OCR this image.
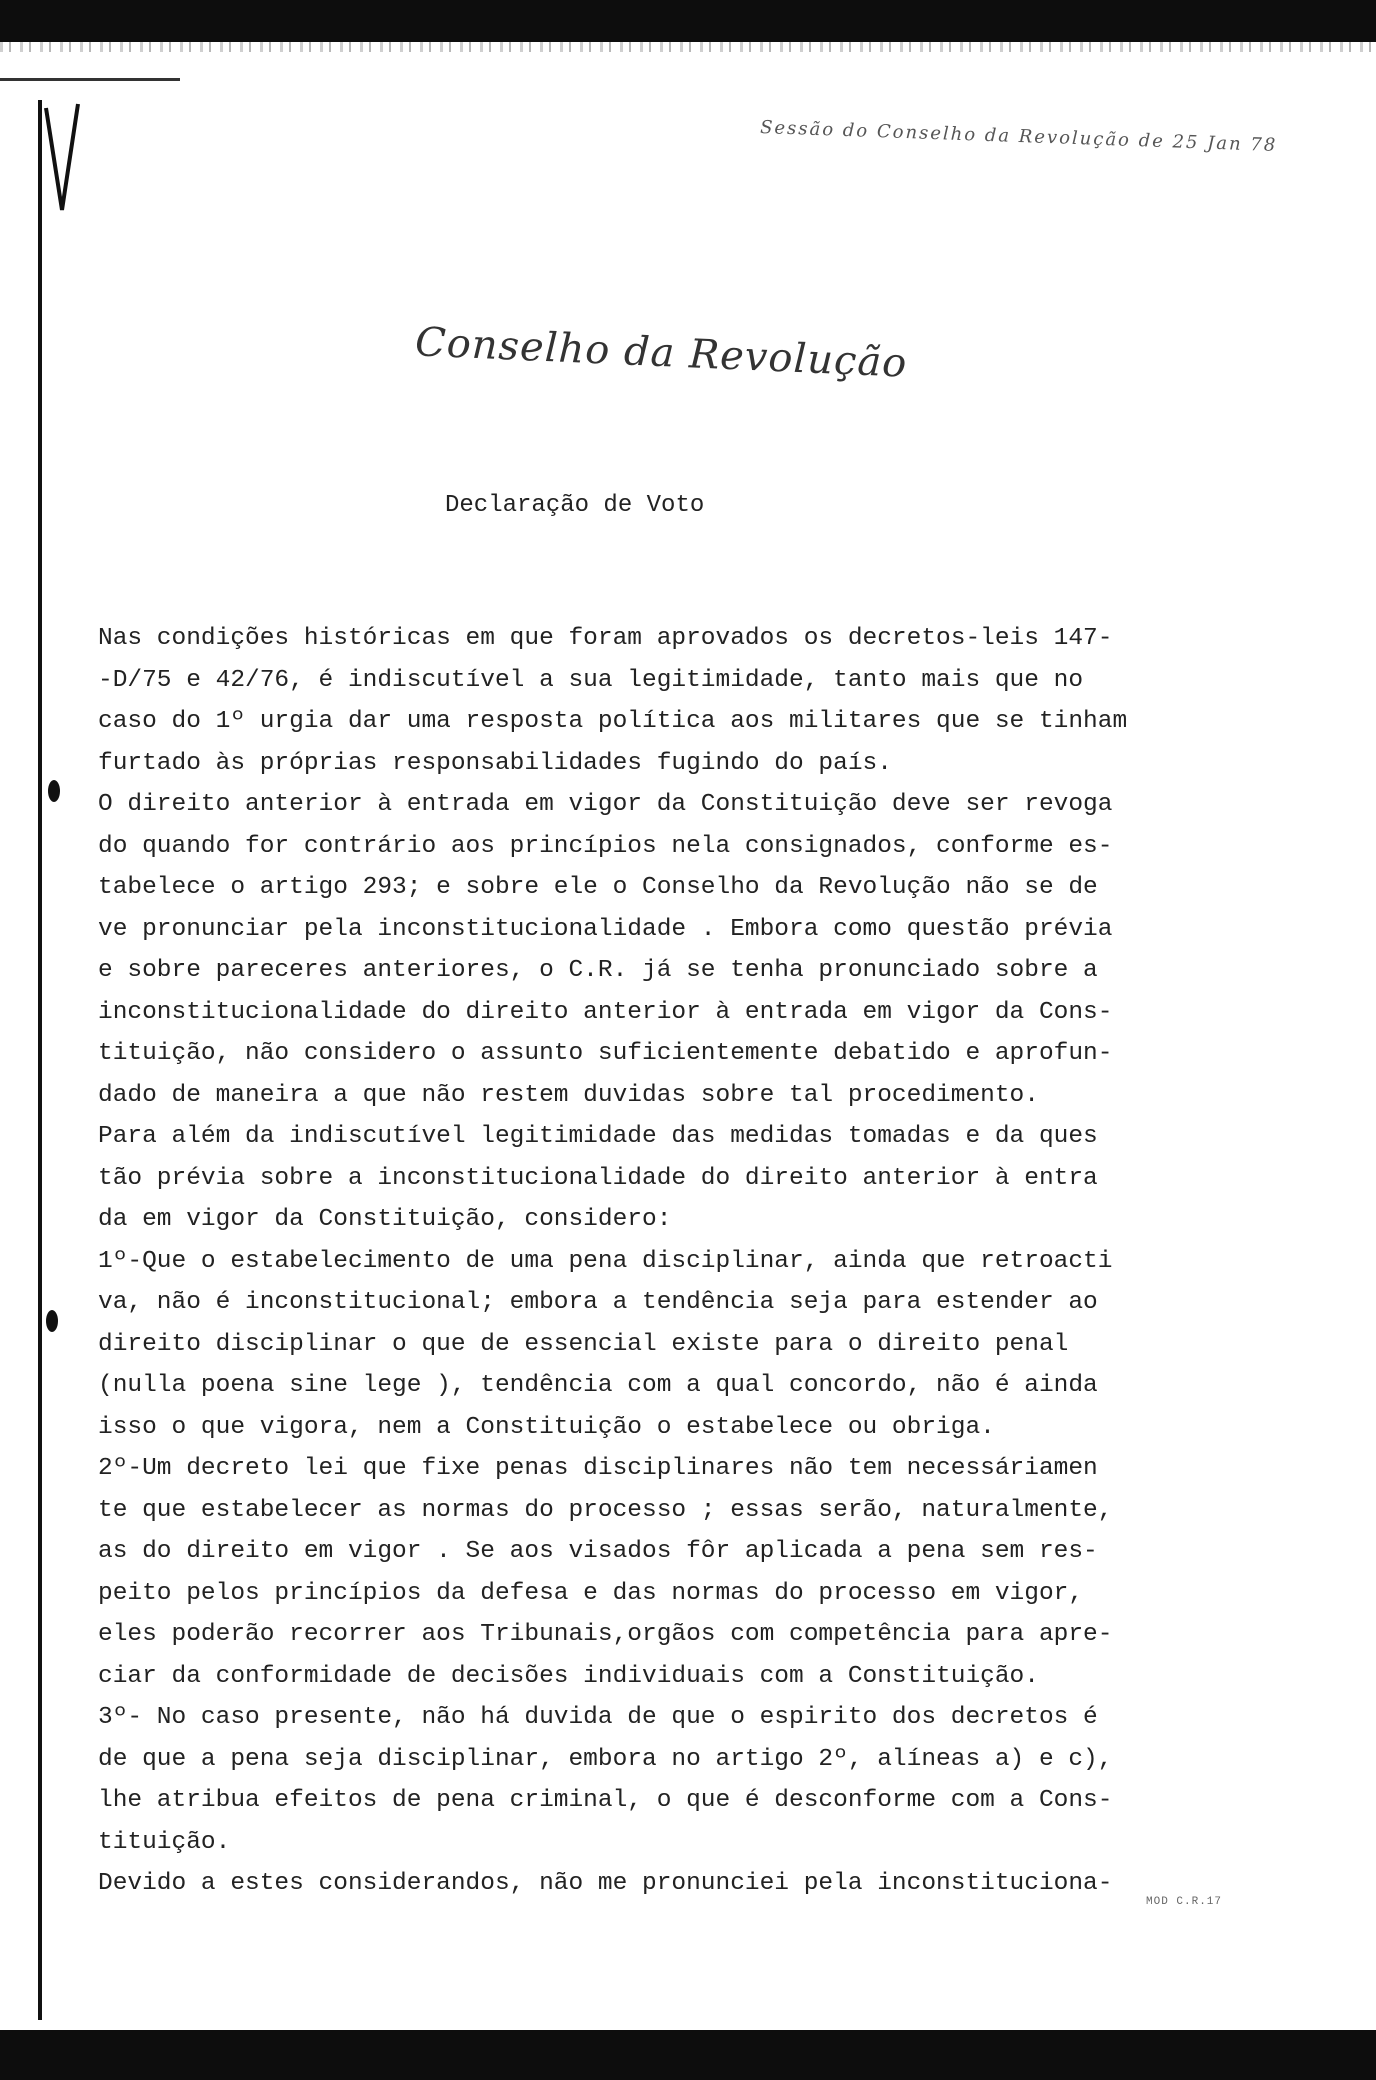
Sessão do Conselho da Revolução de 25 Jan 78
Conselho da Revolução
Declaração de Voto
Nas condições históricas em que foram aprovados os decretos-leis 147-
-D/75 e 42/76, é indiscutível a sua legitimidade, tanto mais que no
caso do 1º urgia dar uma resposta política aos militares que se tinham
furtado às próprias responsabilidades fugindo do país.
O direito anterior à entrada em vigor da Constituição deve ser revoga
do quando for contrário aos princípios nela consignados, conforme es-
tabelece o artigo 293; e sobre ele o Conselho da Revolução não se de
ve pronunciar pela inconstitucionalidade . Embora como questão prévia
e sobre pareceres anteriores, o C.R. já se tenha pronunciado sobre a
inconstitucionalidade do direito anterior à entrada em vigor da Cons-
tituição, não considero o assunto suficientemente debatido e aprofun-
dado de maneira a que não restem duvidas sobre tal procedimento.
Para além da indiscutível legitimidade das medidas tomadas e da ques
tão prévia sobre a inconstitucionalidade do direito anterior à entra
da em vigor da Constituição, considero:
1º-Que o estabelecimento de uma pena disciplinar, ainda que retroacti
va, não é inconstitucional; embora a tendência seja para estender ao
direito disciplinar o que de essencial existe para o direito penal
(nulla poena sine lege ), tendência com a qual concordo, não é ainda
isso o que vigora, nem a Constituição o estabelece ou obriga.
2º-Um decreto lei que fixe penas disciplinares não tem necessáriamen
te que estabelecer as normas do processo ; essas serão, naturalmente,
as do direito em vigor . Se aos visados fôr aplicada a pena sem res-
peito pelos princípios da defesa e das normas do processo em vigor,
eles poderão recorrer aos Tribunais,orgãos com competência para apre-
ciar da conformidade de decisões individuais com a Constituição.
3º- No caso presente, não há duvida de que o espirito dos decretos é
de que a pena seja disciplinar, embora no artigo 2º, alíneas a) e c),
lhe atribua efeitos de pena criminal, o que é desconforme com a Cons-
tituição.
Devido a estes considerandos, não me pronunciei pela inconstituciona-
MOD C.R.17
